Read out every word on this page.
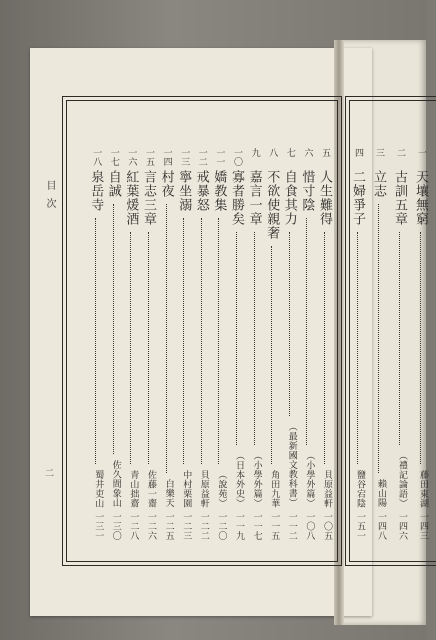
目次
二
人生難得
貝原益軒
一〇五
惜寸陰
（小學外篇）
一〇八
自食其力
（最新國文教科書）
一一二
不欲使親奢
角田九華
一一五
嘉言一章
（小學外篇）
一一七
寡者勝矣
（日本外史）
一一九
嬌教集
（說苑）
一二〇
戒暴怒
貝原益軒
一二二
寧坐溺
中村栗園
一二三
村夜
白樂天
一二五
言志三章
佐藤一齋
一二六
紅葉煖酒
青山拙齋
一二八
自誠
佐久間象山
一三〇
泉岳寺
蜀井吏山
一三一
天壤無窮
藤田東湖
一四三
古訓五章
（禮記論語）
一四六
立志
賴山陽
一四八
二婦爭子
鹽谷宕陰
一五一
五
六
七
八
九
一〇
一一
一二
一三
一四
一五
一六
一七
一八	一
二
三
四
